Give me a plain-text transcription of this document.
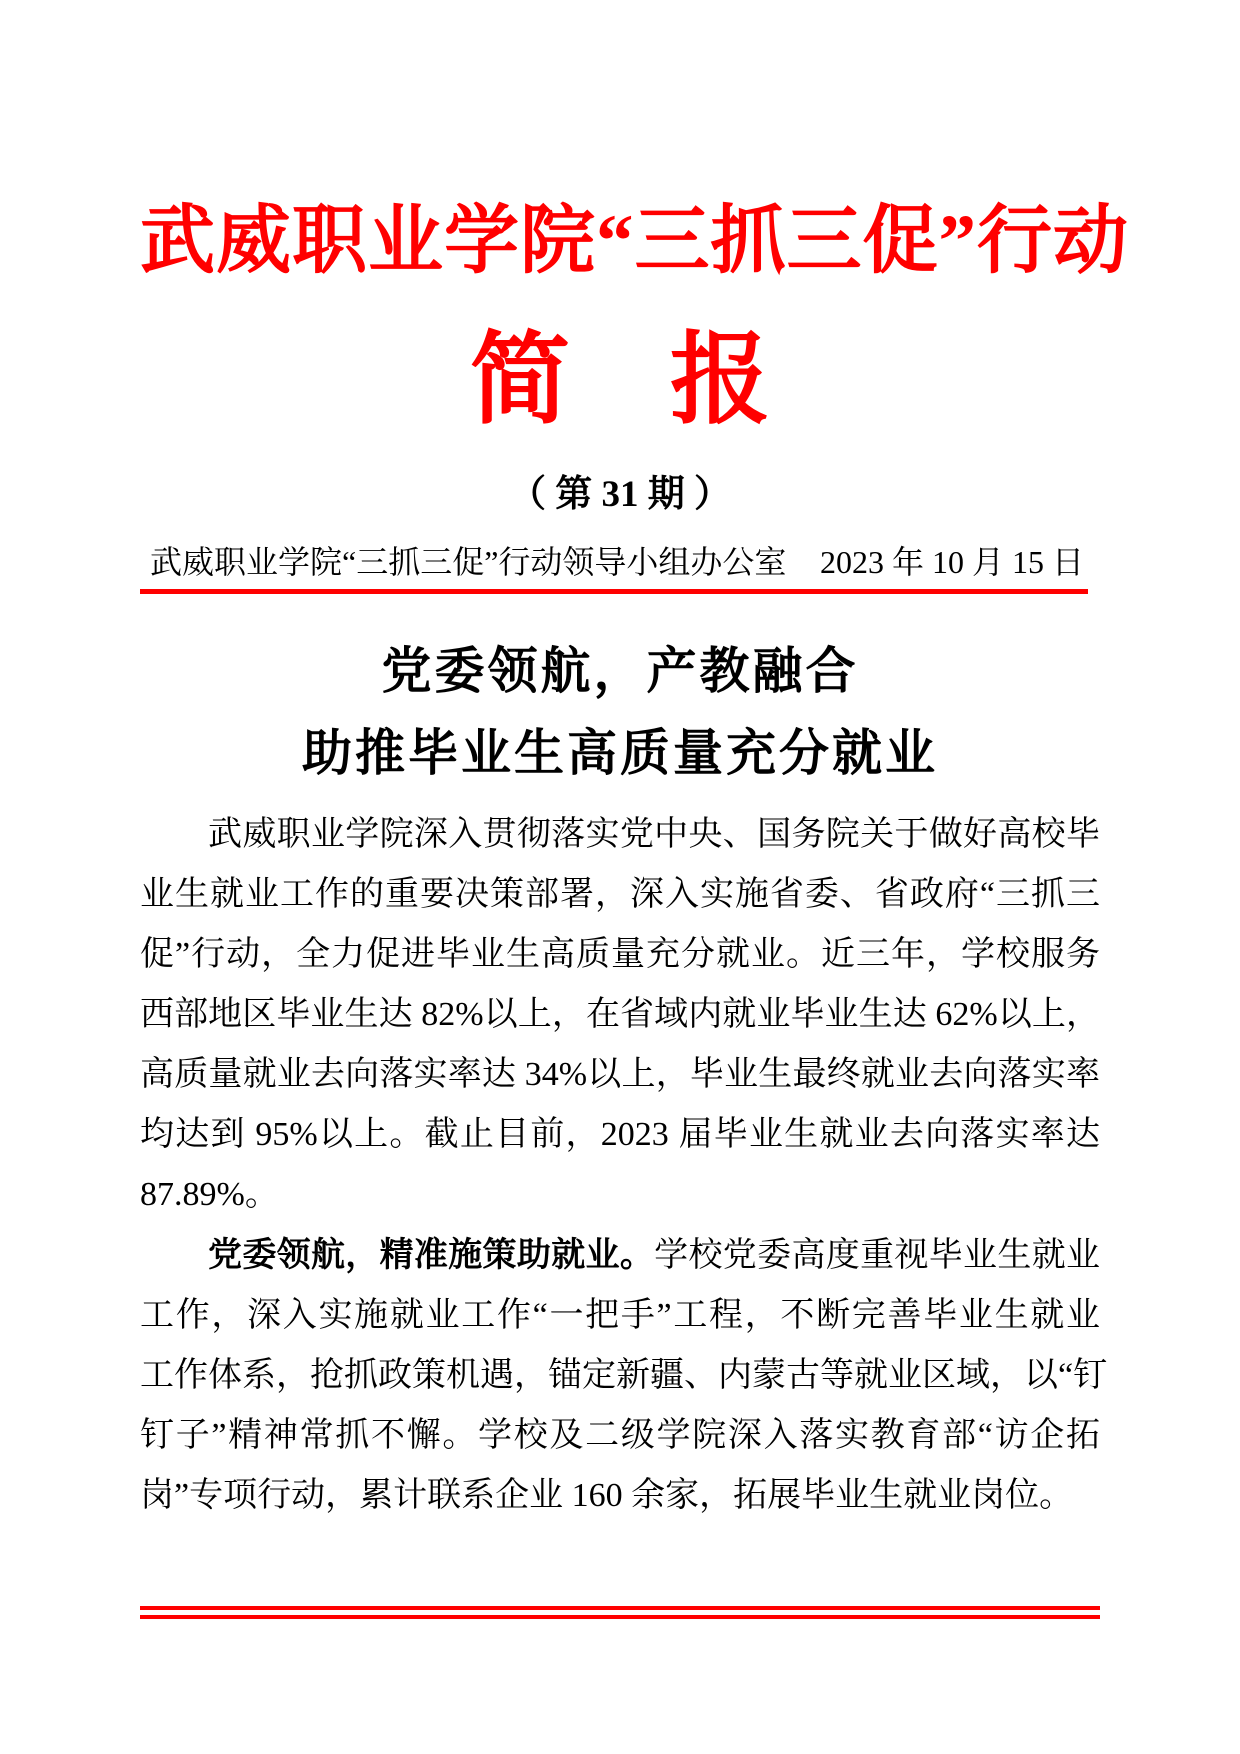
武威职业学院“三抓三促”行动
简　报
（ 第 31 期 ）
武威职业学院“三抓三促”行动领导小组办公室 2023 年 10 月 15 日
党委领航，产教融合
助推毕业生高质量充分就业
武威职业学院深入贯彻落实党中央、国务院关于做好高校毕
业生就业工作的重要决策部署，深入实施省委、省政府“三抓三
促”行动，全力促进毕业生高质量充分就业。近三年，学校服务
西部地区毕业生达 82%以上，在省域内就业毕业生达 62%以上，
高质量就业去向落实率达 34%以上，毕业生最终就业去向落实率
均达到 95%以上。截止目前，2023 届毕业生就业去向落实率达
87.89%。
党委领航，精准施策助就业。学校党委高度重视毕业生就业
工作，深入实施就业工作“一把手”工程，不断完善毕业生就业
工作体系，抢抓政策机遇，锚定新疆、内蒙古等就业区域，以“钉
钉子”精神常抓不懈。学校及二级学院深入落实教育部“访企拓
岗”专项行动，累计联系企业 160 余家，拓展毕业生就业岗位。
